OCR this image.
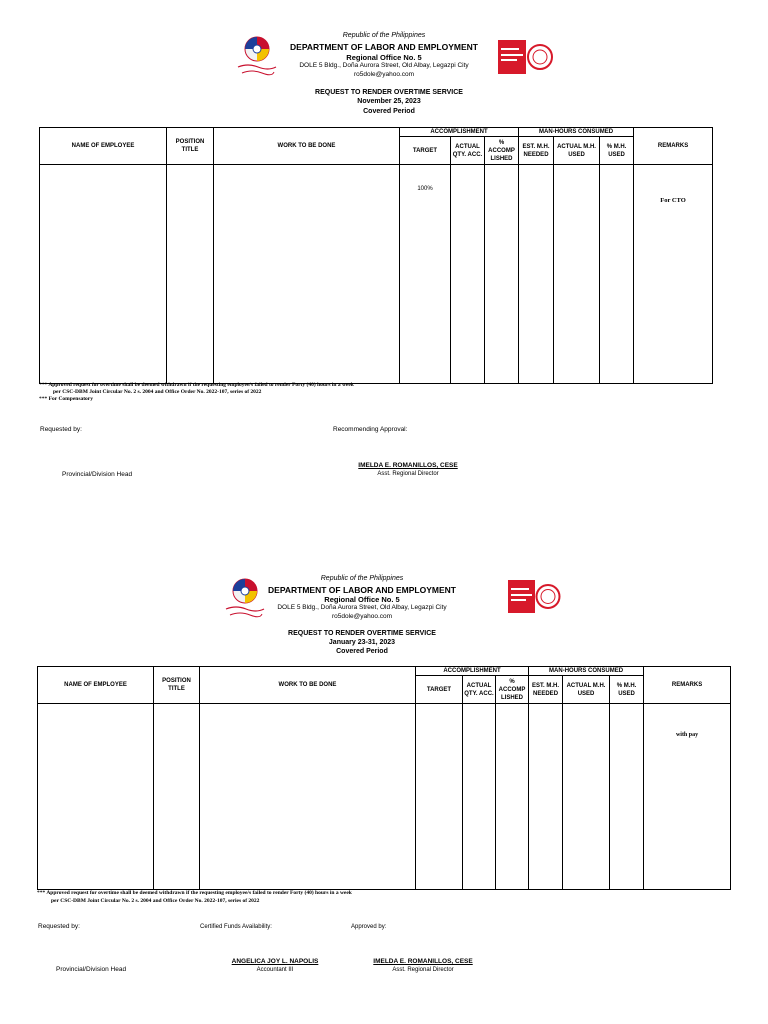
Republic of the Philippines
DEPARTMENT OF LABOR AND EMPLOYMENT
Regional Office No. 5
DOLE 5 Bldg., Doña Aurora Street, Old Albay, Legazpi City
ro5dole@yahoo.com
REQUEST TO RENDER OVERTIME SERVICE
November 25, 2023
Covered Period
NAME OF EMPLOYEE	POSITION TITLE	WORK TO BE DONE	ACCOMPLISHMENT			MAN-HOURS CONSUMED			REMARKS
			TARGET	ACTUAL QTY. ACC.	% ACCOMP LISHED	EST. M.H. NEEDED	ACTUAL M.H. USED	% M.H. USED	

			100%						For CTO
*** Approved request for overtime shall be deemed withdrawn if the requesting employee/s failed to render Forty (40) hours in a week
per CSC-DBM Joint Circular No. 2 s. 2004 and Office Order No. 2022-107, series of 2022
*** For Compensatory
Requested by:	Recommending Approval:
Provincial/Division Head
IMELDA E. ROMANILLOS, CESE
Asst. Regional Director
Republic of the Philippines
DEPARTMENT OF LABOR AND EMPLOYMENT
Regional Office No. 5
DOLE 5 Bldg., Doña Aurora Street, Old Albay, Legazpi City
ro5dole@yahoo.com
REQUEST TO RENDER OVERTIME SERVICE
January 23-31, 2023
Covered Period
NAME OF EMPLOYEE	POSITION TITLE	WORK TO BE DONE	ACCOMPLISHMENT			MAN-HOURS CONSUMED			REMARKS
			TARGET	ACTUAL QTY. ACC.	% ACCOMP LISHED	EST. M.H. NEEDED	ACTUAL M.H. USED	% M.H. USED	

									with pay
*** Approved request for overtime shall be deemed withdrawn if the requesting employee/s failed to render Forty (40) hours in a week
per CSC-DBM Joint Circular No. 2 s. 2004 and Office Order No. 2022-107, series of 2022
Requested by:	Certified Funds Availability:	Approved by:
Provincial/Division Head
ANGELICA JOY L. NAPOLIS
Accountant III
IMELDA E. ROMANILLOS, CESE
Asst. Regional Director
